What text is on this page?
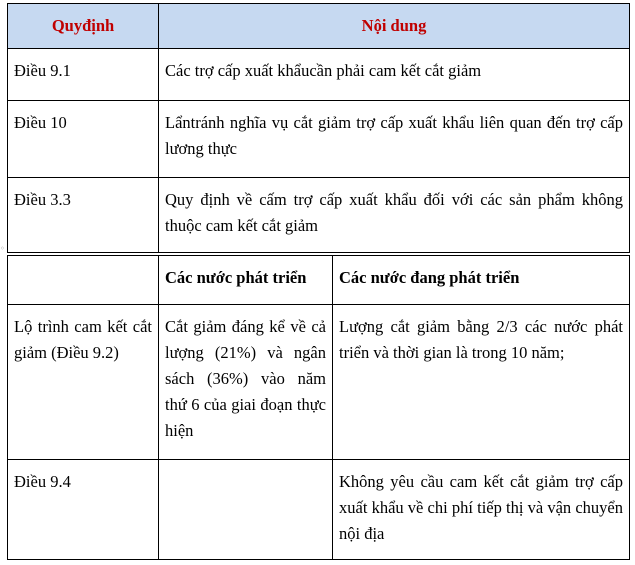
Quyđịnh	Nội dung
Điều 9.1	Các trợ cấp xuất khẩucần phải cam kết cắt giảm
Điều 10	Lẩntránh nghĩa vụ cắt giảm trợ cấp xuất khẩu liên quan đến trợ cấp lương thực
Điều 3.3	Quy định về cấm trợ cấp xuất khẩu đối với các sản phẩm không thuộc cam kết cắt giảm
◦
	Các nước phát triển	Các nước đang phát triển
Lộ trình cam kết cắt giảm (Điều 9.2)	Cắt giảm đáng kể về cả lượng (21%) và ngân sách (36%) vào năm thứ 6 của giai đoạn thực hiện	Lượng cắt giảm bằng 2/3 các nước phát triển và thời gian là trong 10 năm;
Điều 9.4		Không yêu cầu cam kết cắt giảm trợ cấp xuất khẩu về chi phí tiếp thị và vận chuyển nội địa
